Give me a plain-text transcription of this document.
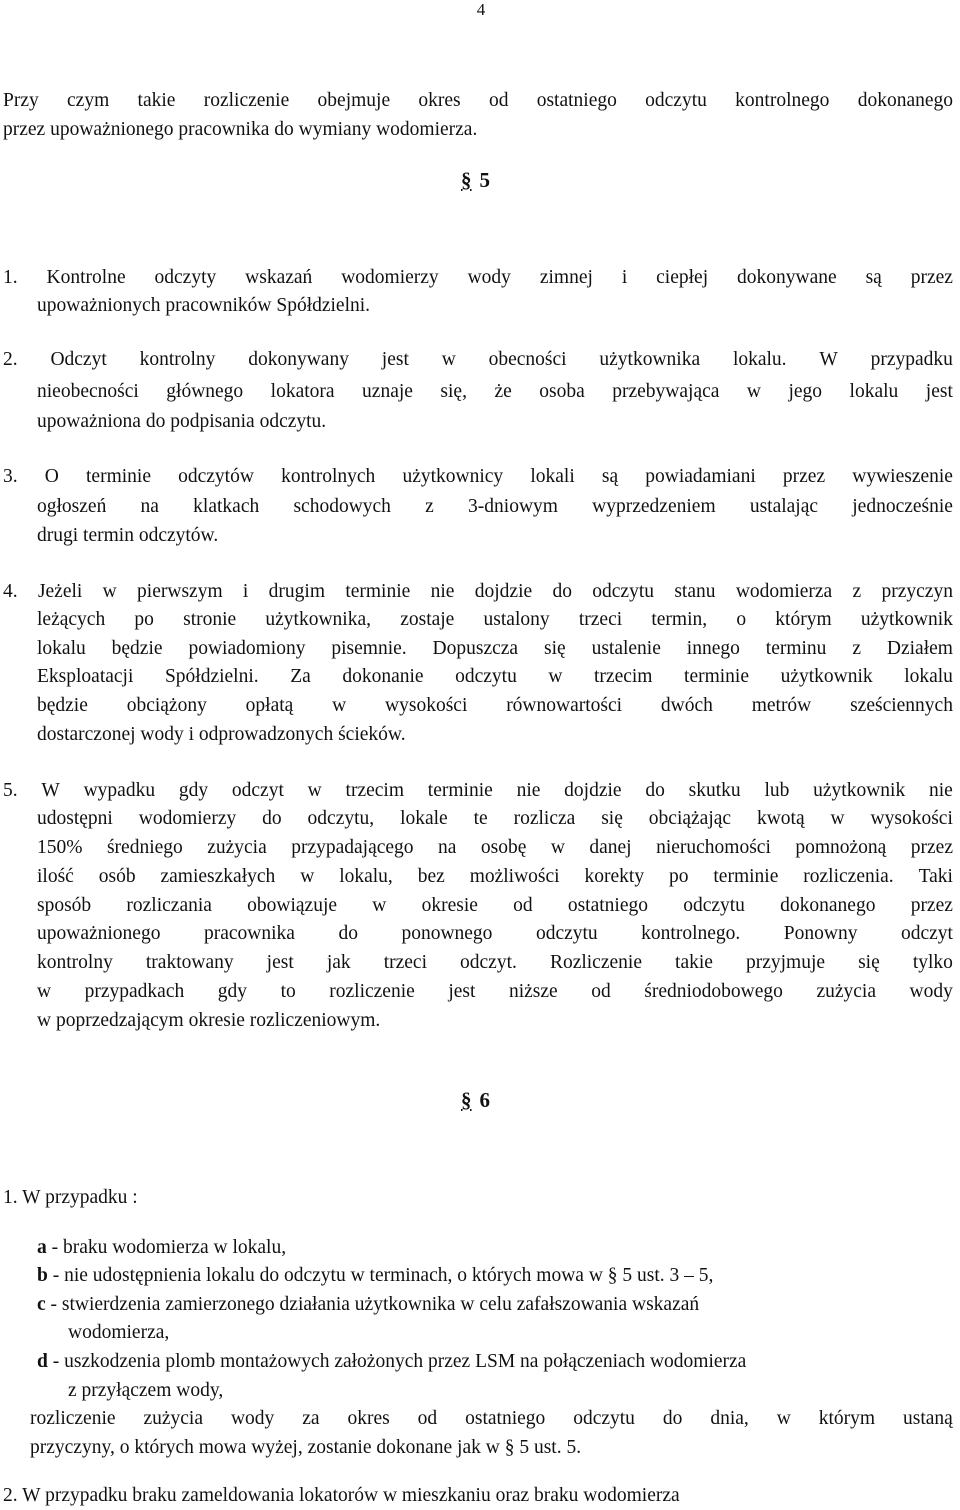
4
Przy czym takie rozliczenie obejmuje okres od ostatniego odczytu kontrolnego dokonanego
przez upoważnionego pracownika do wymiany wodomierza.
§ 5
1. Kontrolne odczyty wskazań wodomierzy wody zimnej i ciepłej dokonywane są przez
upoważnionych pracowników Spółdzielni.
2. Odczyt kontrolny dokonywany jest w obecności użytkownika lokalu. W przypadku
nieobecności głównego lokatora uznaje się, że osoba przebywająca w jego lokalu jest
upoważniona do podpisania odczytu.
3. O terminie odczytów kontrolnych użytkownicy lokali są powiadamiani przez wywieszenie
ogłoszeń na klatkach schodowych z 3-dniowym wyprzedzeniem ustalając jednocześnie
drugi termin odczytów.
4. Jeżeli w pierwszym i drugim terminie nie dojdzie do odczytu stanu wodomierza z przyczyn
leżących po stronie użytkownika, zostaje ustalony trzeci termin, o którym użytkownik
lokalu będzie powiadomiony pisemnie. Dopuszcza się ustalenie innego terminu z Działem
Eksploatacji Spółdzielni. Za dokonanie odczytu w trzecim terminie użytkownik lokalu
będzie obciążony opłatą w wysokości równowartości dwóch metrów sześciennych
dostarczonej wody i odprowadzonych ścieków.
5. W wypadku gdy odczyt w trzecim terminie nie dojdzie do skutku lub użytkownik nie
udostępni wodomierzy do odczytu, lokale te rozlicza się obciążając kwotą w wysokości
150% średniego zużycia przypadającego na osobę w danej nieruchomości pomnożoną przez
ilość osób zamieszkałych w lokalu, bez możliwości korekty po terminie rozliczenia. Taki
sposób rozliczania obowiązuje w okresie od ostatniego odczytu dokonanego przez
upoważnionego pracownika do ponownego odczytu kontrolnego. Ponowny odczyt
kontrolny traktowany jest jak trzeci odczyt. Rozliczenie takie przyjmuje się tylko
w przypadkach gdy to rozliczenie jest niższe od średniodobowego zużycia wody
w poprzedzającym okresie rozliczeniowym.
§ 6
1. W przypadku :
a - braku wodomierza w lokalu,
b - nie udostępnienia lokalu do odczytu w terminach, o których mowa w § 5 ust. 3 – 5,
c - stwierdzenia zamierzonego działania użytkownika w celu zafałszowania wskazań
wodomierza,
d - uszkodzenia plomb montażowych założonych przez LSM na połączeniach wodomierza
z przyłączem wody,
rozliczenie zużycia wody za okres od ostatniego odczytu do dnia, w którym ustaną
przyczyny, o których mowa wyżej, zostanie dokonane jak w § 5 ust. 5.
2. W przypadku braku zameldowania lokatorów w mieszkaniu oraz braku wodomierza
